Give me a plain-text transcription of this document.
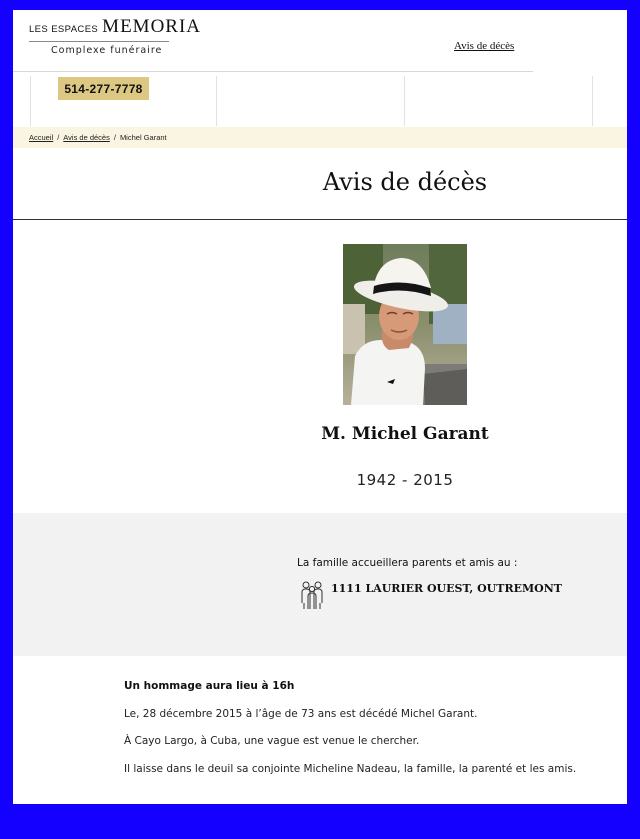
LES ESPACES MEMORIA
Complexe funéraire	Avis de décès
514-277-7778
Accueil / Avis de décès / Michel Garant
Avis de décès
M. Michel Garant
1942 - 2015
La famille accueillera parents et amis au :
1111 LAURIER OUEST, OUTREMONT

Un hommage aura lieu à 16h

Le, 28 décembre 2015 à l’âge de 73 ans est décédé Michel Garant.

À Cayo Largo, à Cuba, une vague est venue le chercher.

Il laisse dans le deuil sa conjointe Micheline Nadeau, la famille, la parenté et les amis.
